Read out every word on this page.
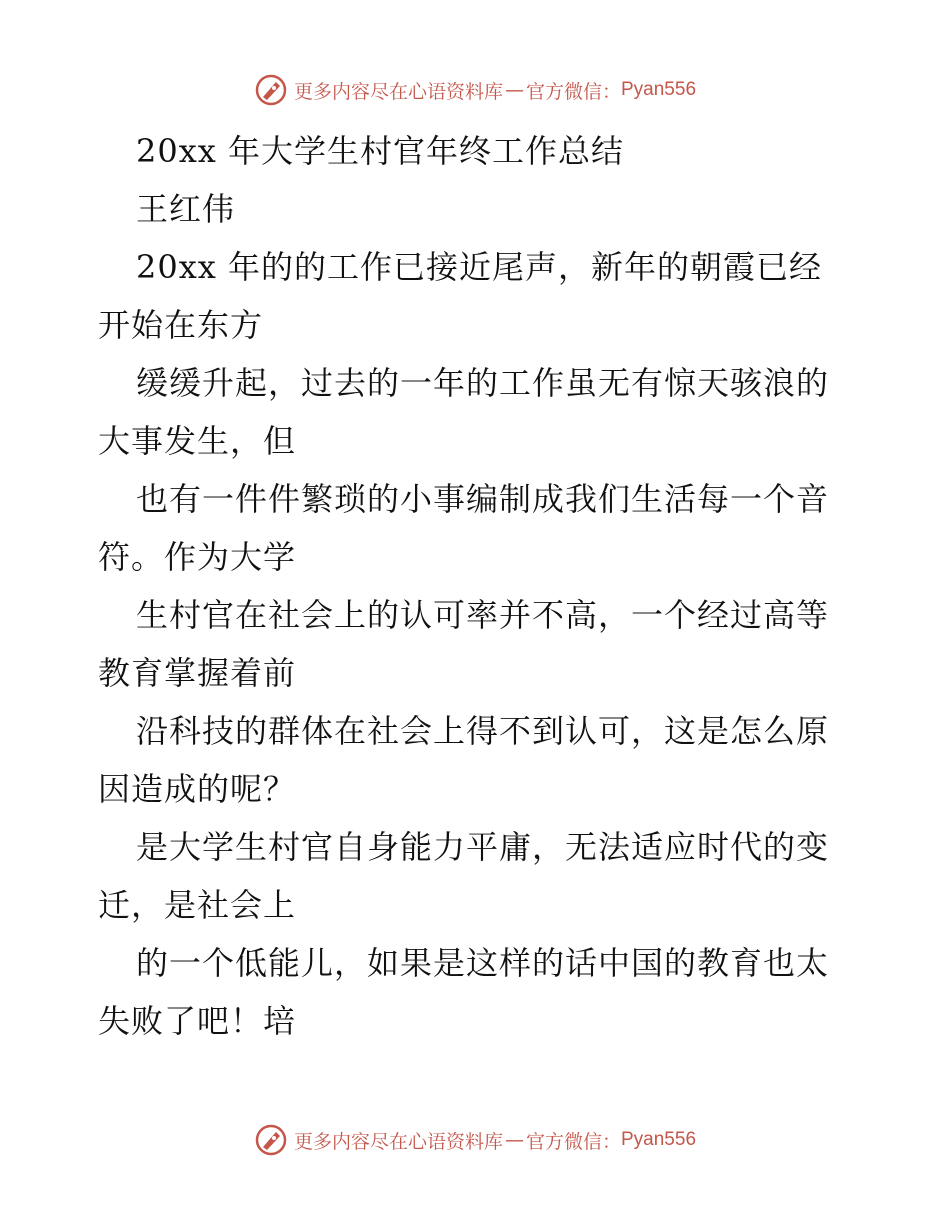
更多内容尽在心语资料库 — 官方微信： Pyan556
20xx 年大学生村官年终工作总结
王红伟
20xx 年的的工作已接近尾声，新年的朝霞已经
开始在东方
缓缓升起，过去的一年的工作虽无有惊天骇浪的
大事发生，但
也有一件件繁琐的小事编制成我们生活每一个音
符。作为大学
生村官在社会上的认可率并不高，一个经过高等
教育掌握着前
沿科技的群体在社会上得不到认可，这是怎么原
因造成的呢？
是大学生村官自身能力平庸，无法适应时代的变
迁，是社会上
的一个低能儿，如果是这样的话中国的教育也太
失败了吧！培
更多内容尽在心语资料库 — 官方微信： Pyan556
